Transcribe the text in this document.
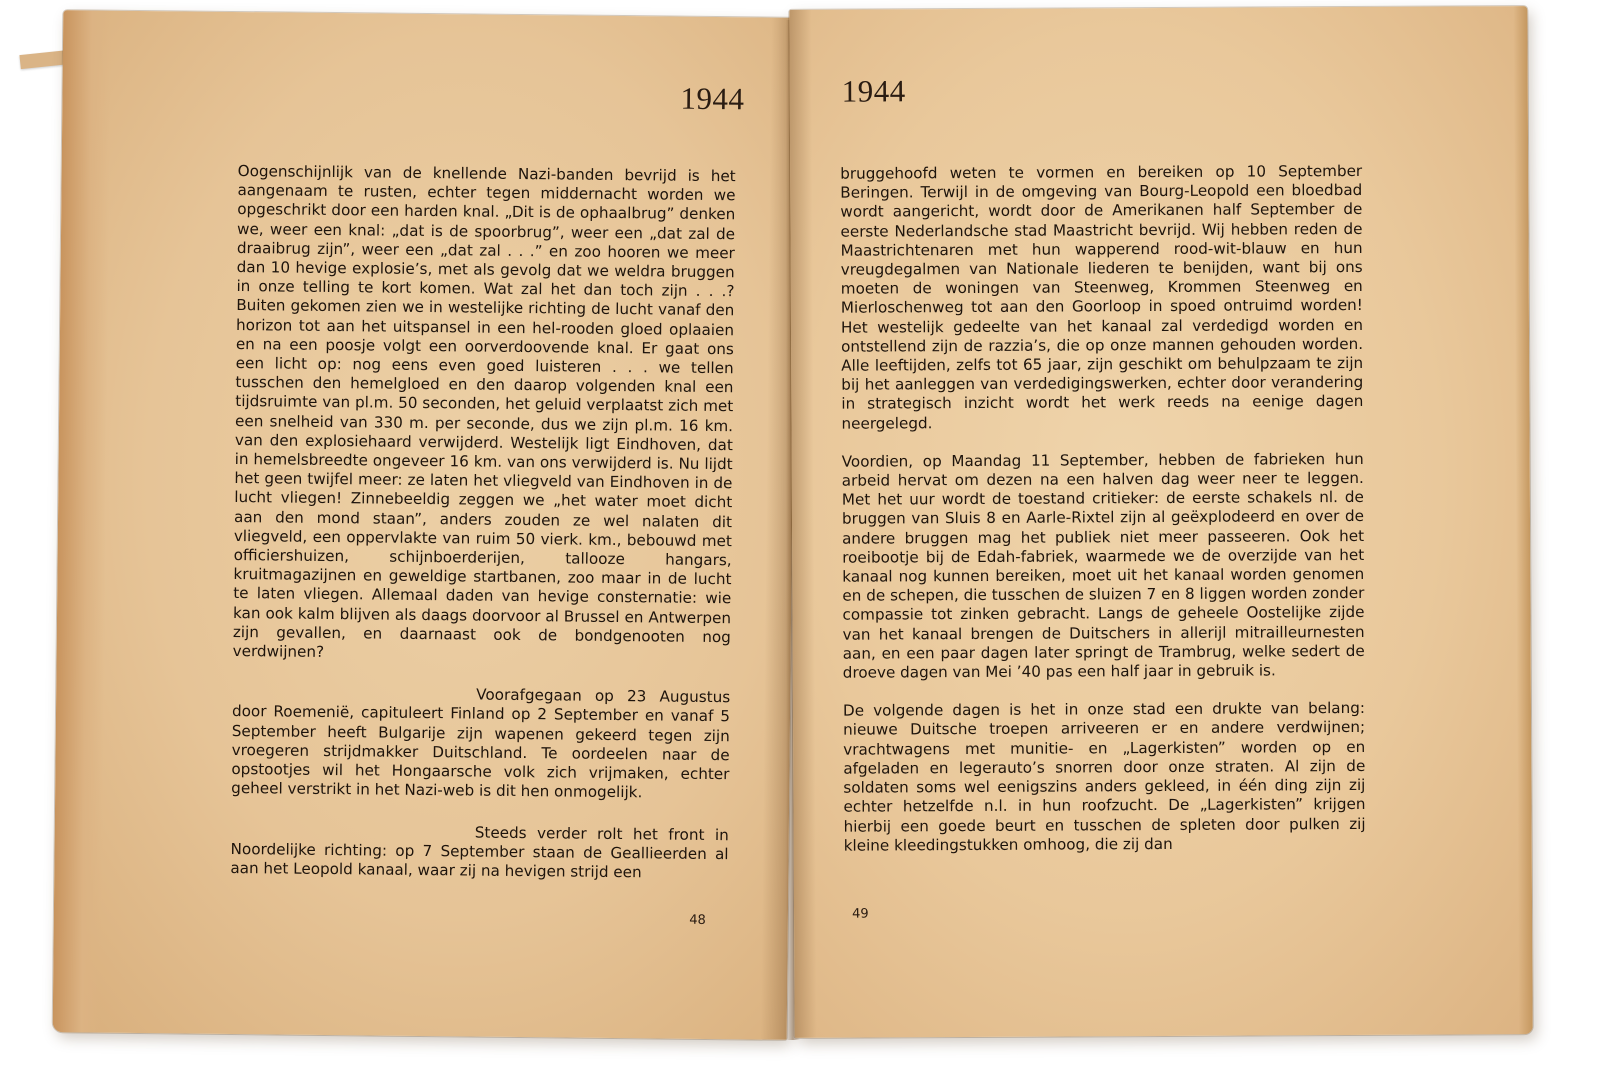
1944

Oogenschijnlijk van de knellende Nazi-banden bevrijd is het aangenaam te rusten, echter tegen middernacht worden we opgeschrikt door een harden knal. „Dit is de ophaalbrug” denken we, weer een knal: „dat is de spoorbrug”, weer een „dat zal de draaibrug zijn”, weer een „dat zal . . .” en zoo hooren we meer dan 10 hevige explosie’s, met als gevolg dat we weldra bruggen in onze telling te kort komen. Wat zal het dan toch zijn . . .? Buiten gekomen zien we in westelijke richting de lucht vanaf den horizon tot aan het uitspansel in een hel-rooden gloed oplaaien en na een poosje volgt een oorverdoovende knal. Er gaat ons een licht op: nog eens even goed luisteren . . . we tellen tusschen den hemelgloed en den daarop volgenden knal een tijdsruimte van pl.m. 50 seconden, het geluid verplaatst zich met een snelheid van 330 m. per seconde, dus we zijn pl.m. 16 km. van den explosiehaard verwijderd. Westelijk ligt Eindhoven, dat in hemelsbreedte ongeveer 16 km. van ons verwijderd is. Nu lijdt het geen twijfel meer: ze laten het vliegveld van Eindhoven in de lucht vliegen! Zinnebeeldig zeggen we „het water moet dicht aan den mond staan”, anders zouden ze wel nalaten dit vliegveld, een oppervlakte van ruim 50 vierk. km., bebouwd met officiershuizen, schijnboerderijen, tallooze hangars, kruitmagazijnen en geweldige startbanen, zoo maar in de lucht te laten vliegen. Allemaal daden van hevige consternatie: wie kan ook kalm blijven als daags doorvoor al Brussel en Antwerpen zijn gevallen, en daarnaast ook de bondgenooten nog verdwijnen?

Voorafgegaan op 23 Augustus door Roemenië, capituleert Finland op 2 September en vanaf 5 September heeft Bulgarije zijn wapenen gekeerd tegen zijn vroegeren strijdmakker Duitschland. Te oordeelen naar de opstootjes wil het Hongaarsche volk zich vrijmaken, echter geheel verstrikt in het Nazi-web is dit hen onmogelijk.

Steeds verder rolt het front in Noordelijke richting: op 7 September staan de Geallieerden al aan het Leopold kanaal, waar zij na hevigen strijd een

48
1944

bruggehoofd weten te vormen en bereiken op 10 September Beringen. Terwijl in de omgeving van Bourg-Leopold een bloedbad wordt aangericht, wordt door de Amerikanen half September de eerste Nederlandsche stad Maastricht bevrijd. Wij hebben reden de Maastrichtenaren met hun wapperend rood-wit-blauw en hun vreugdegalmen van Nationale liederen te benijden, want bij ons moeten de woningen van Steenweg, Krommen Steenweg en Mierloschenweg tot aan den Goorloop in spoed ontruimd worden! Het westelijk gedeelte van het kanaal zal verdedigd worden en ontstellend zijn de razzia’s, die op onze mannen gehouden worden. Alle leeftijden, zelfs tot 65 jaar, zijn geschikt om behulpzaam te zijn bij het aanleggen van verdedigingswerken, echter door verandering in strategisch inzicht wordt het werk reeds na eenige dagen neergelegd.

Voordien, op Maandag 11 September, hebben de fabrieken hun arbeid hervat om dezen na een halven dag weer neer te leggen. Met het uur wordt de toestand critieker: de eerste schakels nl. de bruggen van Sluis 8 en Aarle-Rixtel zijn al geëxplodeerd en over de andere bruggen mag het publiek niet meer passeeren. Ook het roeibootje bij de Edah-fabriek, waarmede we de overzijde van het kanaal nog kunnen bereiken, moet uit het kanaal worden genomen en de schepen, die tusschen de sluizen 7 en 8 liggen worden zonder compassie tot zinken gebracht. Langs de geheele Oostelijke zijde van het kanaal brengen de Duitschers in allerijl mitrailleurnesten aan, en een paar dagen later springt de Trambrug, welke sedert de droeve dagen van Mei ’40 pas een half jaar in gebruik is.

De volgende dagen is het in onze stad een drukte van belang: nieuwe Duitsche troepen arriveeren er en andere verdwijnen; vrachtwagens met munitie- en „Lagerkisten” worden op en afgeladen en legerauto’s snorren door onze straten. Al zijn de soldaten soms wel eenigszins anders gekleed, in één ding zijn zij echter hetzelfde n.l. in hun roofzucht. De „Lagerkisten” krijgen hierbij een goede beurt en tusschen de spleten door pulken zij kleine kleedingstukken omhoog, die zij dan

49
